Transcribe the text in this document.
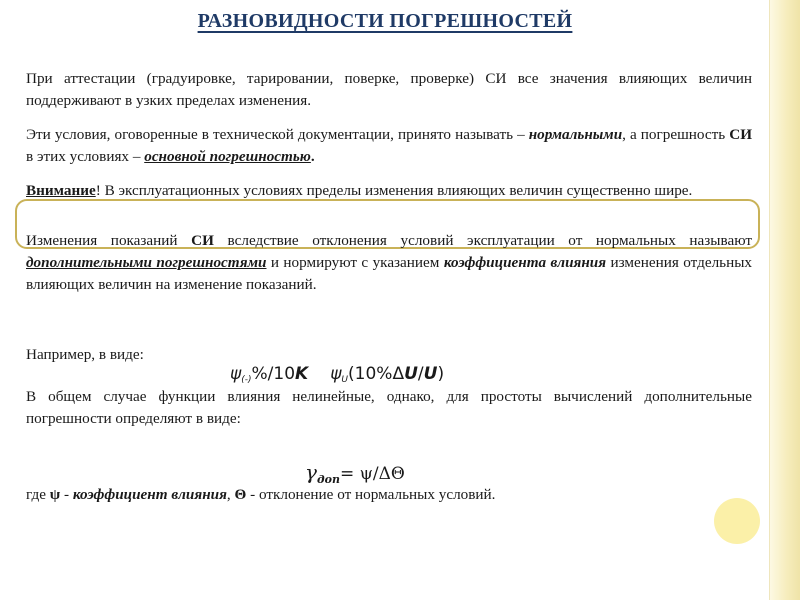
РАЗНОВИДНОСТИ ПОГРЕШНОСТЕЙ
При аттестации (градуировке, тарировании, поверке, проверке) СИ все значения влияющих величин поддерживают в узких пределах изменения.
Эти условия, оговоренные в технической документации, принято называть – нормальными, а погрешность СИ в этих условиях – основной погрешностью.
Внимание! В эксплуатационных условиях пределы изменения влияющих величин существенно шире.
Изменения показаний СИ вследствие отклонения условий эксплуатации от нормальных называют дополнительными погрешностями и нормируют с указанием коэффициента влияния изменения отдельных влияющих величин на изменение показаний.
Например, в виде:
$\psi_{(-)}\%/10K$ $\psi_U(10\%\Delta U/U)$
В общем случае функции влияния нелинейные, однако, для простоты вычислений дополнительные погрешности определяют в виде:
$\gamma_{доп}= \psi/\Delta\Theta$
где ψ - коэффициент влияния, Θ - отклонение от нормальных условий.
